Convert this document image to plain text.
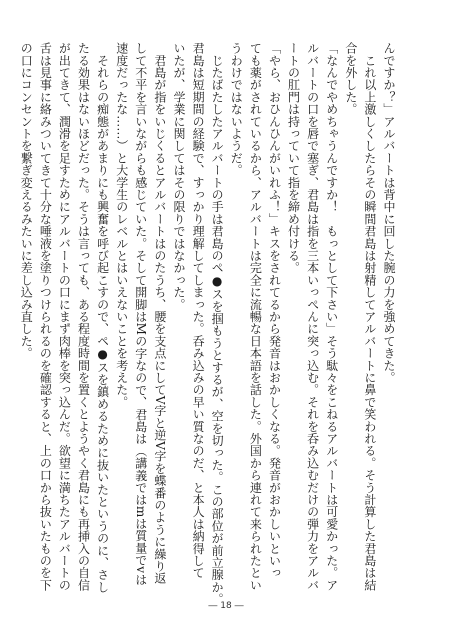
んですか？」アルバートは背中に回した腕の力を強めてきた。

　これ以上激しくしたらその瞬間君島は射精してアルバートに鼻で笑われる。そう計算した君島は結

合を外した。

「なんでやめちゃうんですか！　もっとして下さい」そう駄々をこねるアルバートは可愛かった。ア

ルバートの口を唇で塞ぎ、君島は指を三本いっぺんに突っ込む。それを呑み込むだけの弾力をアルバ

ートの肛門は持っていて指を締め付ける。

「やら、おひんひんがいれふ！」キスをされてるから発音はおかしくなる。発音がおかしいといっ

ても薬がされているから、アルバートは完全に流暢な日本語を話した。外国から連れて来られたとい

うわけではないようだ。

　じたばたしたアルバートの手は君島のペ●スを掴もうとするが、空を切った。この部位が前立腺か。

君島は短期間の経験で、すっかり理解してしまった。呑み込みの早い質なのだ、と本人は納得して

いたが、学業に関してはその限りではなかった。

　君島が指をいじくるとアルバートはのたうち、腰を支点にしてV字と逆V字を蝶番のように繰り返

して不平を言いながらも感じていた。そして開脚はMの字なので、君島は（講義ではmは質量でvは

速度だったな……）と大学生のレベルとはいえないことを考えた。

　それらの痴態があまりにも興奮を呼び起こすので、ペ●スを鎮めるために抜いたというのに、さし

たる効果はないほどだった。そうは言っても、ある程度時間を置くとようやく君島にも再挿入の自信

が出てきて、潤滑を足すためにアルバートの口にまず肉棒を突っ込んだ。欲望に満ちたアルバートの

舌は見事に絡みついてきて十分な唾液を塗りつけられるのを確認すると、上の口から抜いたものを下

の口にコンセントを繋ぎ変えるみたいに差し込み直した。

― 18 ―
